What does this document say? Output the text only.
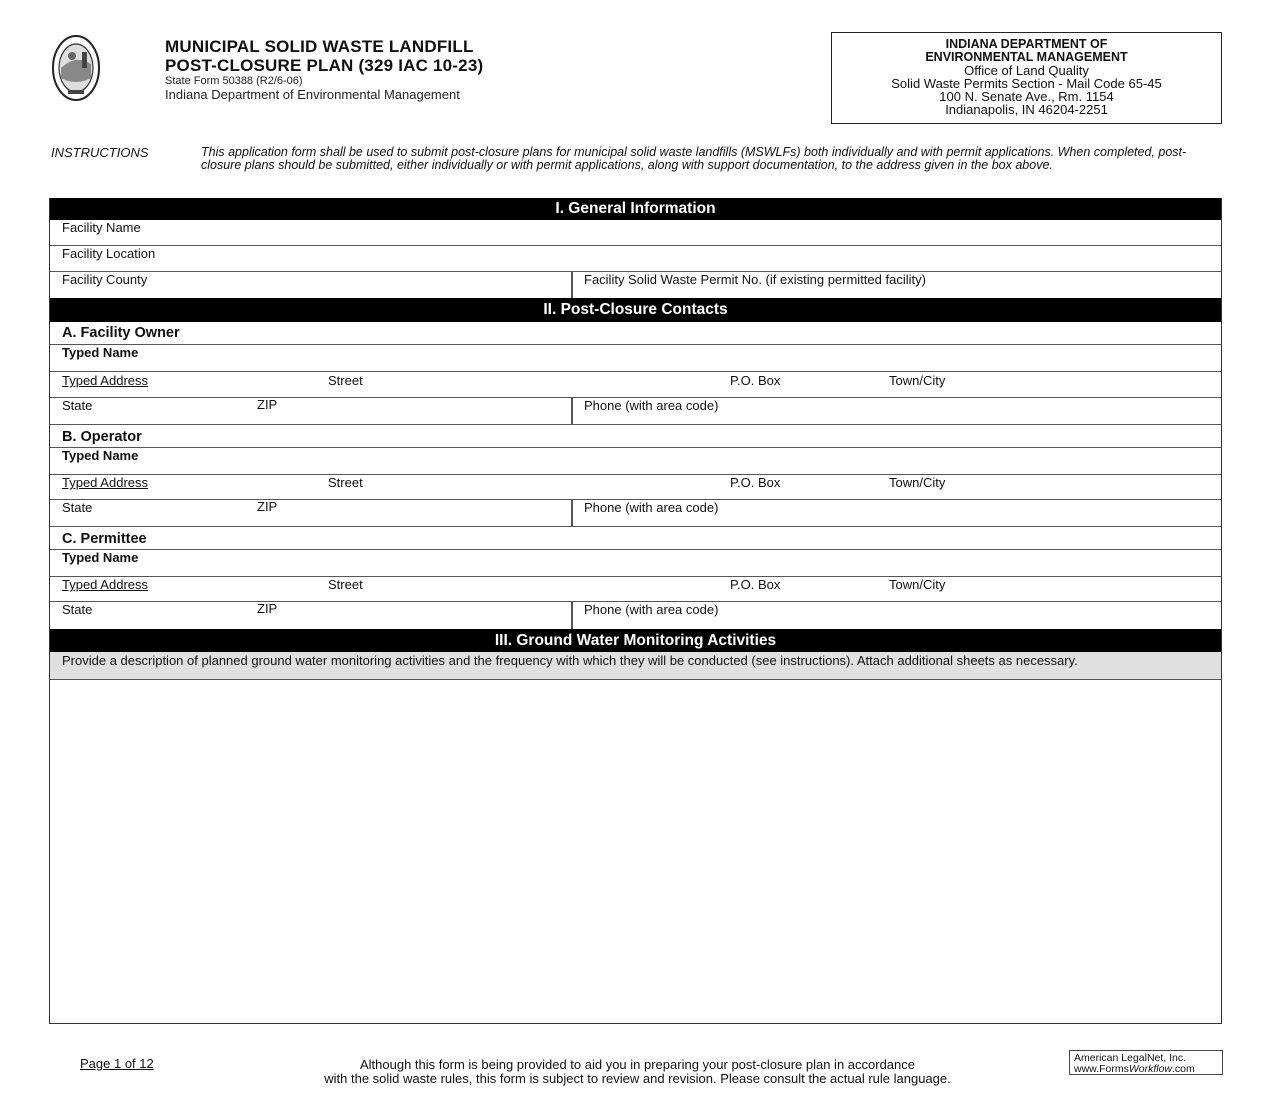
MUNICIPAL SOLID WASTE LANDFILL
POST-CLOSURE PLAN (329 IAC 10-23)
State Form 50388 (R2/6-06)
Indiana Department of Environmental Management
INDIANA DEPARTMENT OF
ENVIRONMENTAL MANAGEMENT
Office of Land Quality
Solid Waste Permits Section - Mail Code 65-45
100 N. Senate Ave., Rm. 1154
Indianapolis, IN 46204-2251
INSTRUCTIONS	This application form shall be used to submit post-closure plans for municipal solid waste landfills (MSWLFs) both individually and with permit applications. When completed, post-closure plans should be submitted, either individually or with permit applications, along with support documentation, to the address given in the box above.
I. General Information
Facility Name
Facility Location
Facility County	Facility Solid Waste Permit No. (if existing permitted facility)
II. Post-Closure Contacts
A. Facility Owner
Typed Name
Typed Address	Street	P.O. Box	Town/City
State	ZIP	Phone (with area code)
B. Operator
Typed Name
Typed Address	Street	P.O. Box	Town/City
State	ZIP	Phone (with area code)
C. Permittee
Typed Name
Typed Address	Street	P.O. Box	Town/City
State	ZIP	Phone (with area code)
III. Ground Water Monitoring Activities
Provide a description of planned ground water monitoring activities and the frequency with which they will be conducted (see instructions). Attach additional sheets as necessary.
Page 1 of 12	Although this form is being provided to aid you in preparing your post-closure plan in accordance
with the solid waste rules, this form is subject to review and revision. Please consult the actual rule language.
American LegalNet, Inc.
www.FormsWorkflow.com
